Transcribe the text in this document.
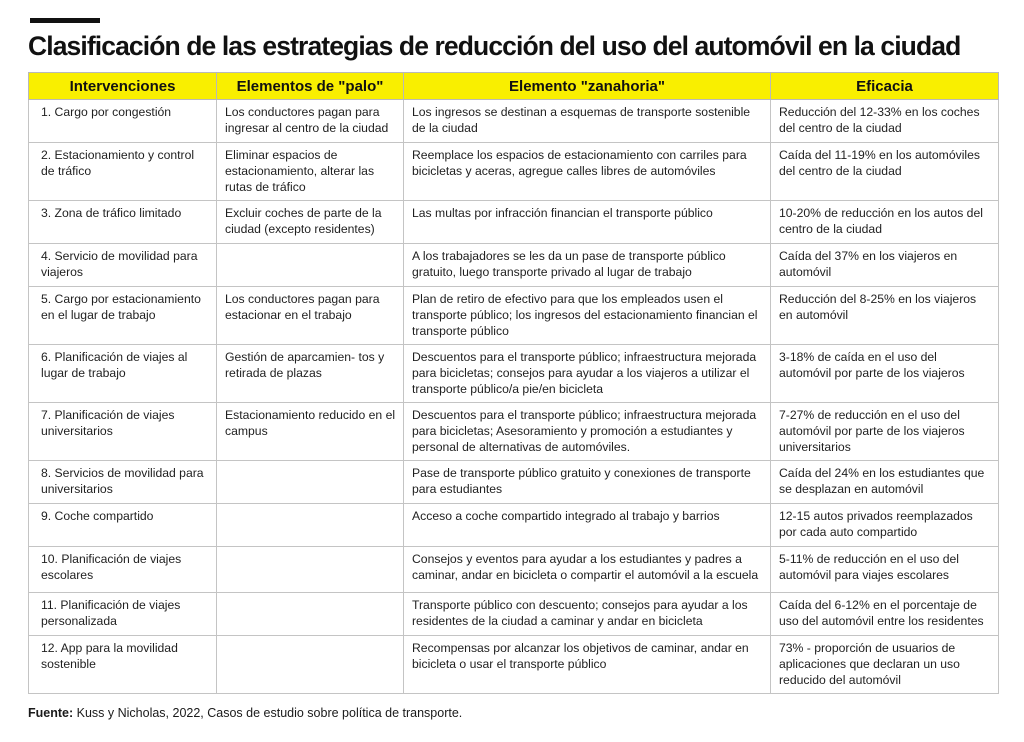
Clasificación de las estrategias de reducción del uso del automóvil en la ciudad
Intervenciones	Elementos de "palo"	Elemento "zanahoria"	Eficacia
1. Cargo por congestión	Los conductores pagan para ingresar al centro de la ciudad	Los ingresos se destinan a esquemas de transporte sostenible de la ciudad	Reducción del 12-33% en los coches del centro de la ciudad
2. Estacionamiento y control de tráfico	Eliminar espacios de estacionamiento, alterar las rutas de tráfico	Reemplace los espacios de estacionamiento con carriles para bicicletas y aceras, agregue calles libres de automóviles	Caída del 11-19% en los automóviles del centro de la ciudad
3. Zona de tráfico limitado	Excluir coches de parte de la ciudad (excepto residentes)	Las multas por infracción financian el transporte público	10-20% de reducción en los autos del centro de la ciudad
4. Servicio de movilidad para viajeros		A los trabajadores se les da un pase de transporte público gratuito, luego transporte privado al lugar de trabajo	Caída del 37% en los viajeros en automóvil
5. Cargo por estacionamiento en el lugar de trabajo	Los conductores pagan para estacionar en el trabajo	Plan de retiro de efectivo para que los empleados usen el transporte público; los ingresos del estacionamiento financian el transporte público	Reducción del 8-25% en los viajeros en automóvil
6. Planificación de viajes al lugar de trabajo	Gestión de aparcamien- tos y retirada de plazas	Descuentos para el transporte público; infraestructura mejorada para bicicletas; consejos para ayudar a los viajeros a utilizar el transporte público/a pie/en bicicleta	3-18% de caída en el uso del automóvil por parte de los viajeros
7. Planificación de viajes universitarios	Estacionamiento reducido en el campus	Descuentos para el transporte público; infraestructura mejorada para bicicletas; Asesoramiento y promoción a estudiantes y personal de alternativas de automóviles.	7-27% de reducción en el uso del automóvil por parte de los viajeros universitarios
8. Servicios de movilidad para universitarios		Pase de transporte público gratuito y conexiones de transporte para estudiantes	Caída del 24% en los estudiantes que se desplazan en automóvil
9. Coche compartido		Acceso a coche compartido integrado al trabajo y barrios	12-15 autos privados reemplazados por cada auto compartido
10. Planificación de viajes escolares		Consejos y eventos para ayudar a los estudiantes y padres a caminar, andar en bicicleta o compartir el automóvil a la escuela	5-11% de reducción en el uso del automóvil para viajes escolares
11. Planificación de viajes personalizada		Transporte público con descuento; consejos para ayudar a los residentes de la ciudad a caminar y andar en bicicleta	Caída del 6-12% en el porcentaje de uso del automóvil entre los residentes
12. App para la movilidad sostenible		Recompensas por alcanzar los objetivos de caminar, andar en bicicleta o usar el transporte público	73% - proporción de usuarios de aplicaciones que declaran un uso reducido del automóvil
Fuente: Kuss y Nicholas, 2022, Casos de estudio sobre política de transporte.
